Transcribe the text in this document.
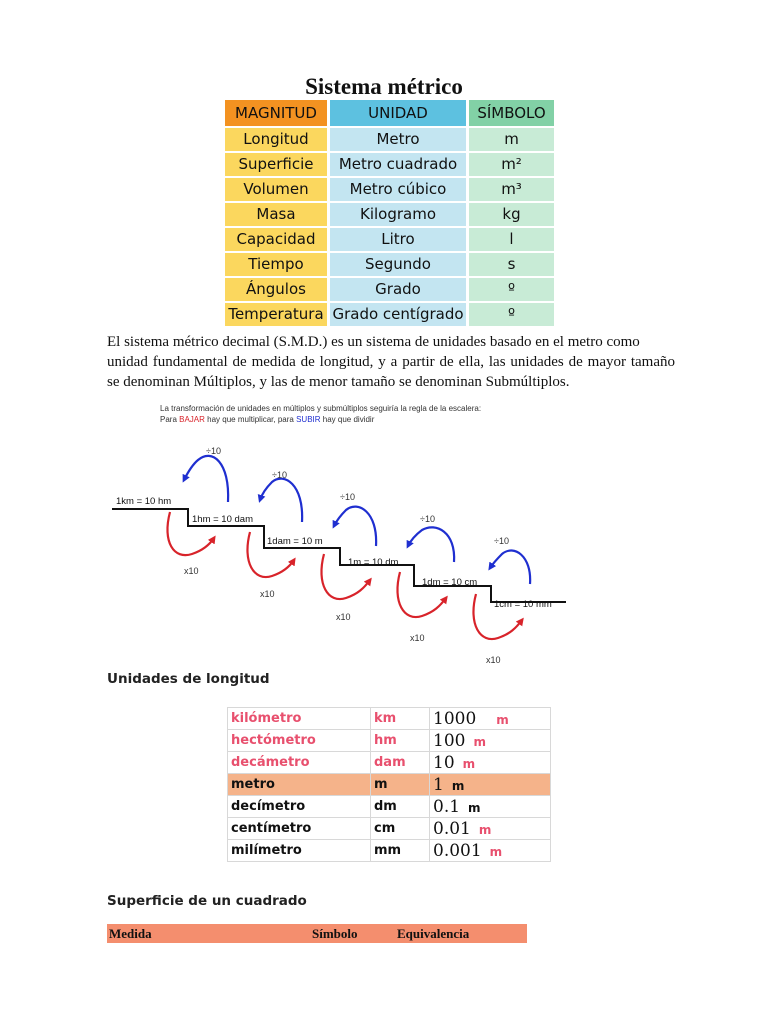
Sistema métrico
MAGNITUD	UNIDAD	SÍMBOLO
Longitud	Metro	m
Superficie	Metro cuadrado	m²
Volumen	Metro cúbico	m³
Masa	Kilogramo	kg
Capacidad	Litro	l
Tiempo	Segundo	s
Ángulos	Grado	º
Temperatura	Grado centígrado	º
El sistema métrico decimal (S.M.D.) es un sistema de unidades basado en el metro como
unidad fundamental de medida de longitud, y a partir de ella, las unidades de mayor tamaño
se denominan Múltiplos, y las de menor tamaño se denominan Submúltiplos.
La transformación de unidades en múltiplos y submúltiplos seguiría la regla de la escalera:
Para BAJAR hay que multiplicar, para SUBIR hay que dividir
1km = 10 hm
1hm = 10 dam
1dam = 10 m
1m = 10 dm
1dm = 10 cm
1cm = 10 mm
÷10
÷10
÷10
÷10
÷10
x10
x10
x10
x10
x10
Unidades de longitud
kilómetro	km	1000 m
hectómetro	hm	100 m
decámetro	dam	10 m
metro	m	1 m
decímetro	dm	0.1 m
centímetro	cm	0.01 m
milímetro	mm	0.001 m
Superficie de un cuadrado
Medida	Símbolo	Equivalencia
